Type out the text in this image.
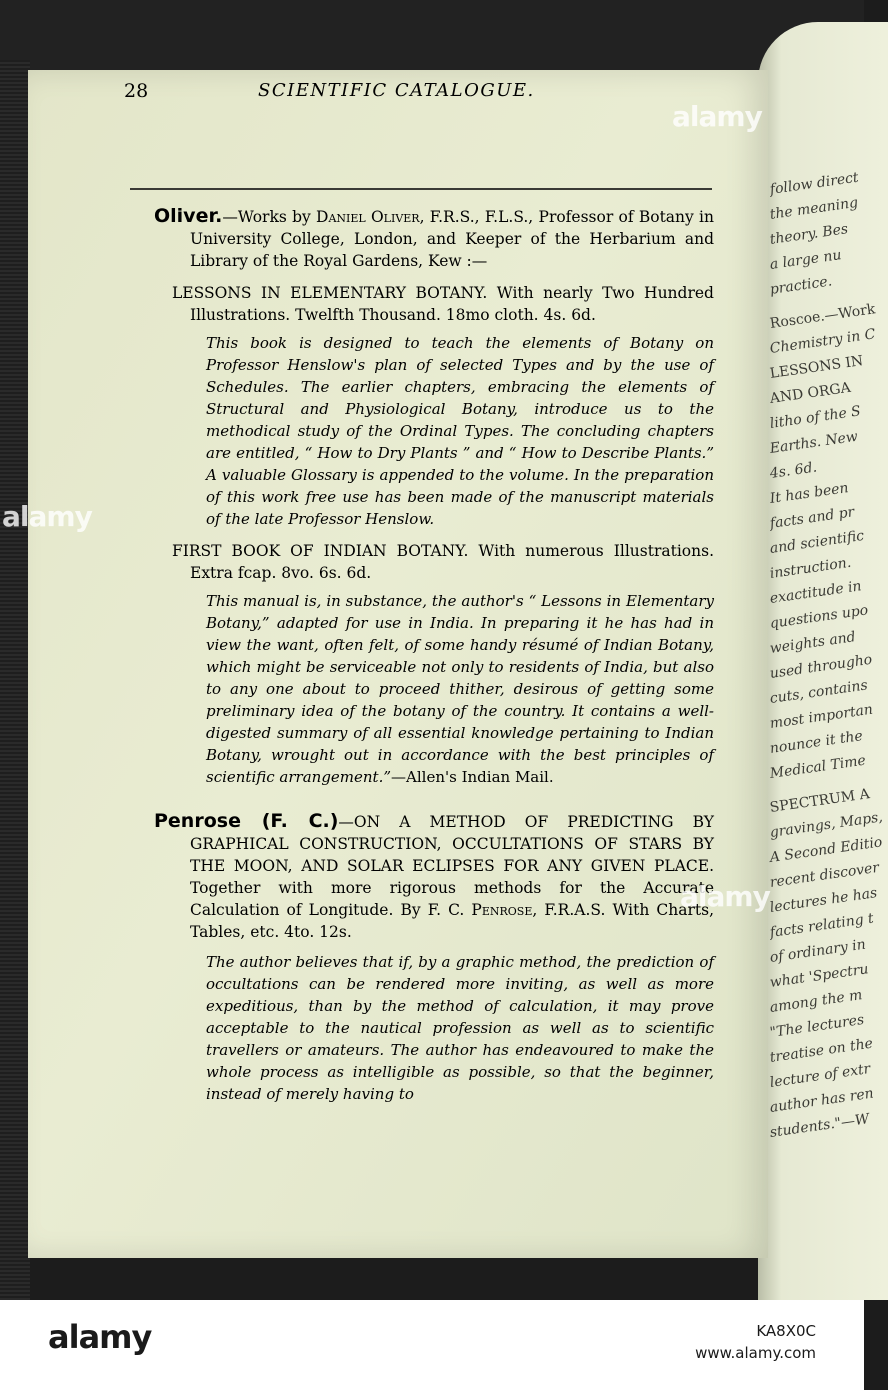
follow direct
the meaning
theory. Bes
a large nu
practice.
Roscoe.—Work
Chemistry in C
LESSONS IN
AND ORGA
litho of the S
Earths. New
4s. 6d.
It has been
facts and pr
and scientific
instruction.
exactitude in
questions upo
weights and
used througho
cuts, contains
most importan
nounce it the
Medical Time
SPECTRUM A
gravings, Maps,
A Second Editio
recent discover
lectures he has
facts relating t
of ordinary in
what 'Spectru
among the m
"The lectures
treatise on the
lecture of extr
author has ren
students."—W
28	SCIENTIFIC CATALOGUE.
Oliver.—Works by Daniel Oliver, F.R.S., F.L.S., Professor of Botany in University College, London, and Keeper of the Herbarium and Library of the Royal Gardens, Kew :—
LESSONS IN ELEMENTARY BOTANY. With nearly Two Hundred Illustrations. Twelfth Thousand. 18mo cloth. 4s. 6d.
This book is designed to teach the elements of Botany on Professor Henslow's plan of selected Types and by the use of Schedules. The earlier chapters, embracing the elements of Structural and Physiological Botany, introduce us to the methodical study of the Ordinal Types. The concluding chapters are entitled, “ How to Dry Plants ” and “ How to Describe Plants.” A valuable Glossary is appended to the volume. In the preparation of this work free use has been made of the manuscript materials of the late Professor Henslow.
FIRST BOOK OF INDIAN BOTANY. With numerous Illustrations. Extra fcap. 8vo. 6s. 6d.
This manual is, in substance, the author's “ Lessons in Elementary Botany,” adapted for use in India. In preparing it he has had in view the want, often felt, of some handy résumé of Indian Botany, which might be serviceable not only to residents of India, but also to any one about to proceed thither, desirous of getting some preliminary idea of the botany of the country. It contains a well-digested summary of all essential knowledge pertaining to Indian Botany, wrought out in accordance with the best principles of scientific arrangement.”—Allen's Indian Mail.
Penrose (F. C.)—ON A METHOD OF PREDICTING BY GRAPHICAL CONSTRUCTION, OCCULTATIONS OF STARS BY THE MOON, AND SOLAR ECLIPSES FOR ANY GIVEN PLACE. Together with more rigorous methods for the Accurate Calculation of Longitude. By F. C. Penrose, F.R.A.S. With Charts, Tables, etc. 4to. 12s.
The author believes that if, by a graphic method, the prediction of occultations can be rendered more inviting, as well as more expeditious, than by the method of calculation, it may prove acceptable to the nautical profession as well as to scientific travellers or amateurs. The author has endeavoured to make the whole process as intelligible as possible, so that the beginner, instead of merely having to
alamy
alamy
alamy
alamy	KA8X0C
www.alamy.com
